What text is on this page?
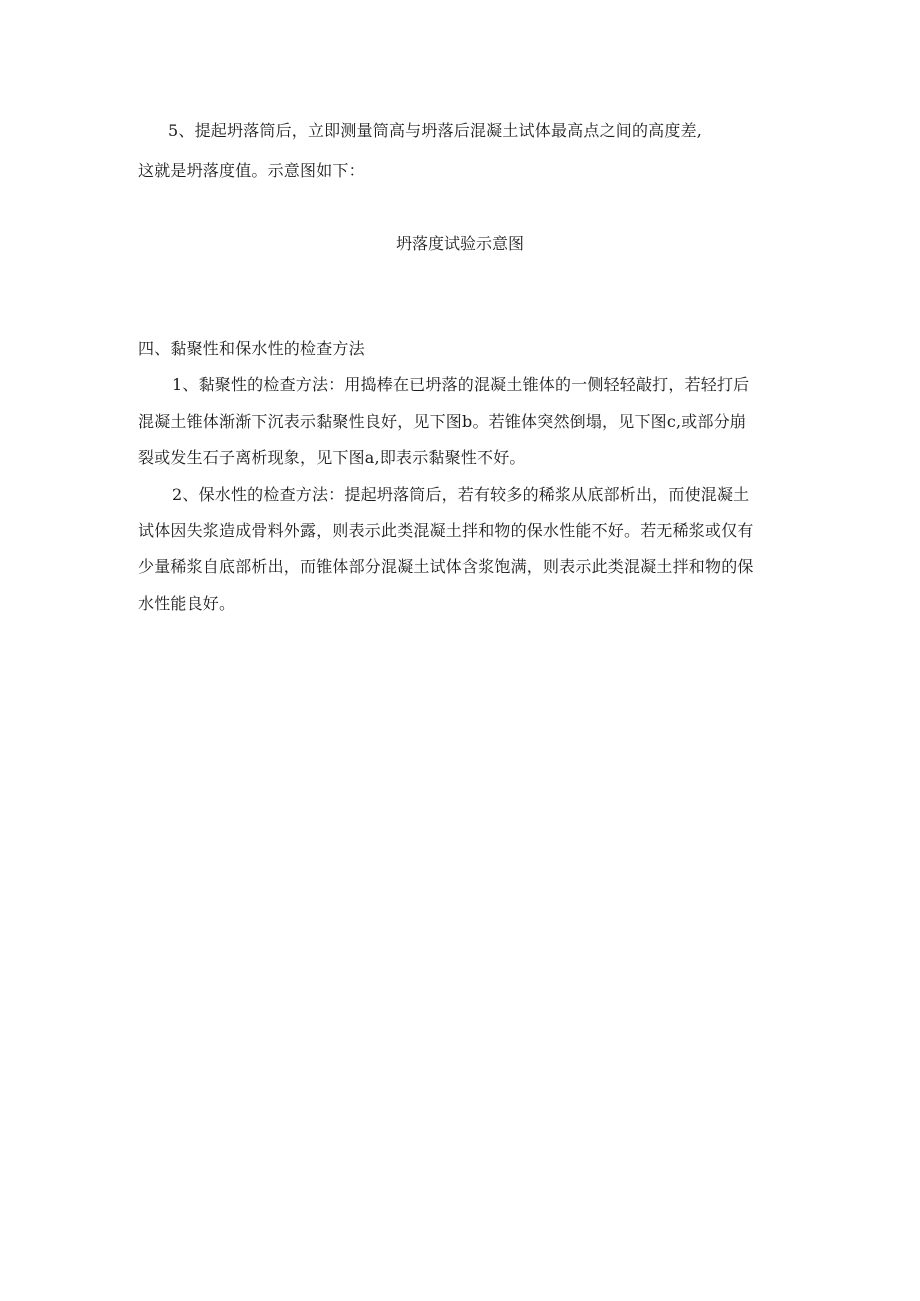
5、提起坍落筒后，立即测量筒高与坍落后混凝土试体最高点之间的高度差,
这就是坍落度值。示意图如下：
坍落度试验示意图
四、黏聚性和保水性的检查方法
1、黏聚性的检查方法：用捣棒在已坍落的混凝土锥体的一侧轻轻敲打，若轻打后
混凝土锥体渐渐下沉表示黏聚性良好，见下图b。若锥体突然倒塌，见下图c,或部分崩
裂或发生石子离析现象，见下图a,即表示黏聚性不好。
2、保水性的检查方法：提起坍落筒后，若有较多的稀浆从底部析出，而使混凝土
试体因失浆造成骨料外露，则表示此类混凝土拌和物的保水性能不好。若无稀浆或仅有
少量稀浆自底部析出，而锥体部分混凝土试体含浆饱满，则表示此类混凝土拌和物的保
水性能良好。
